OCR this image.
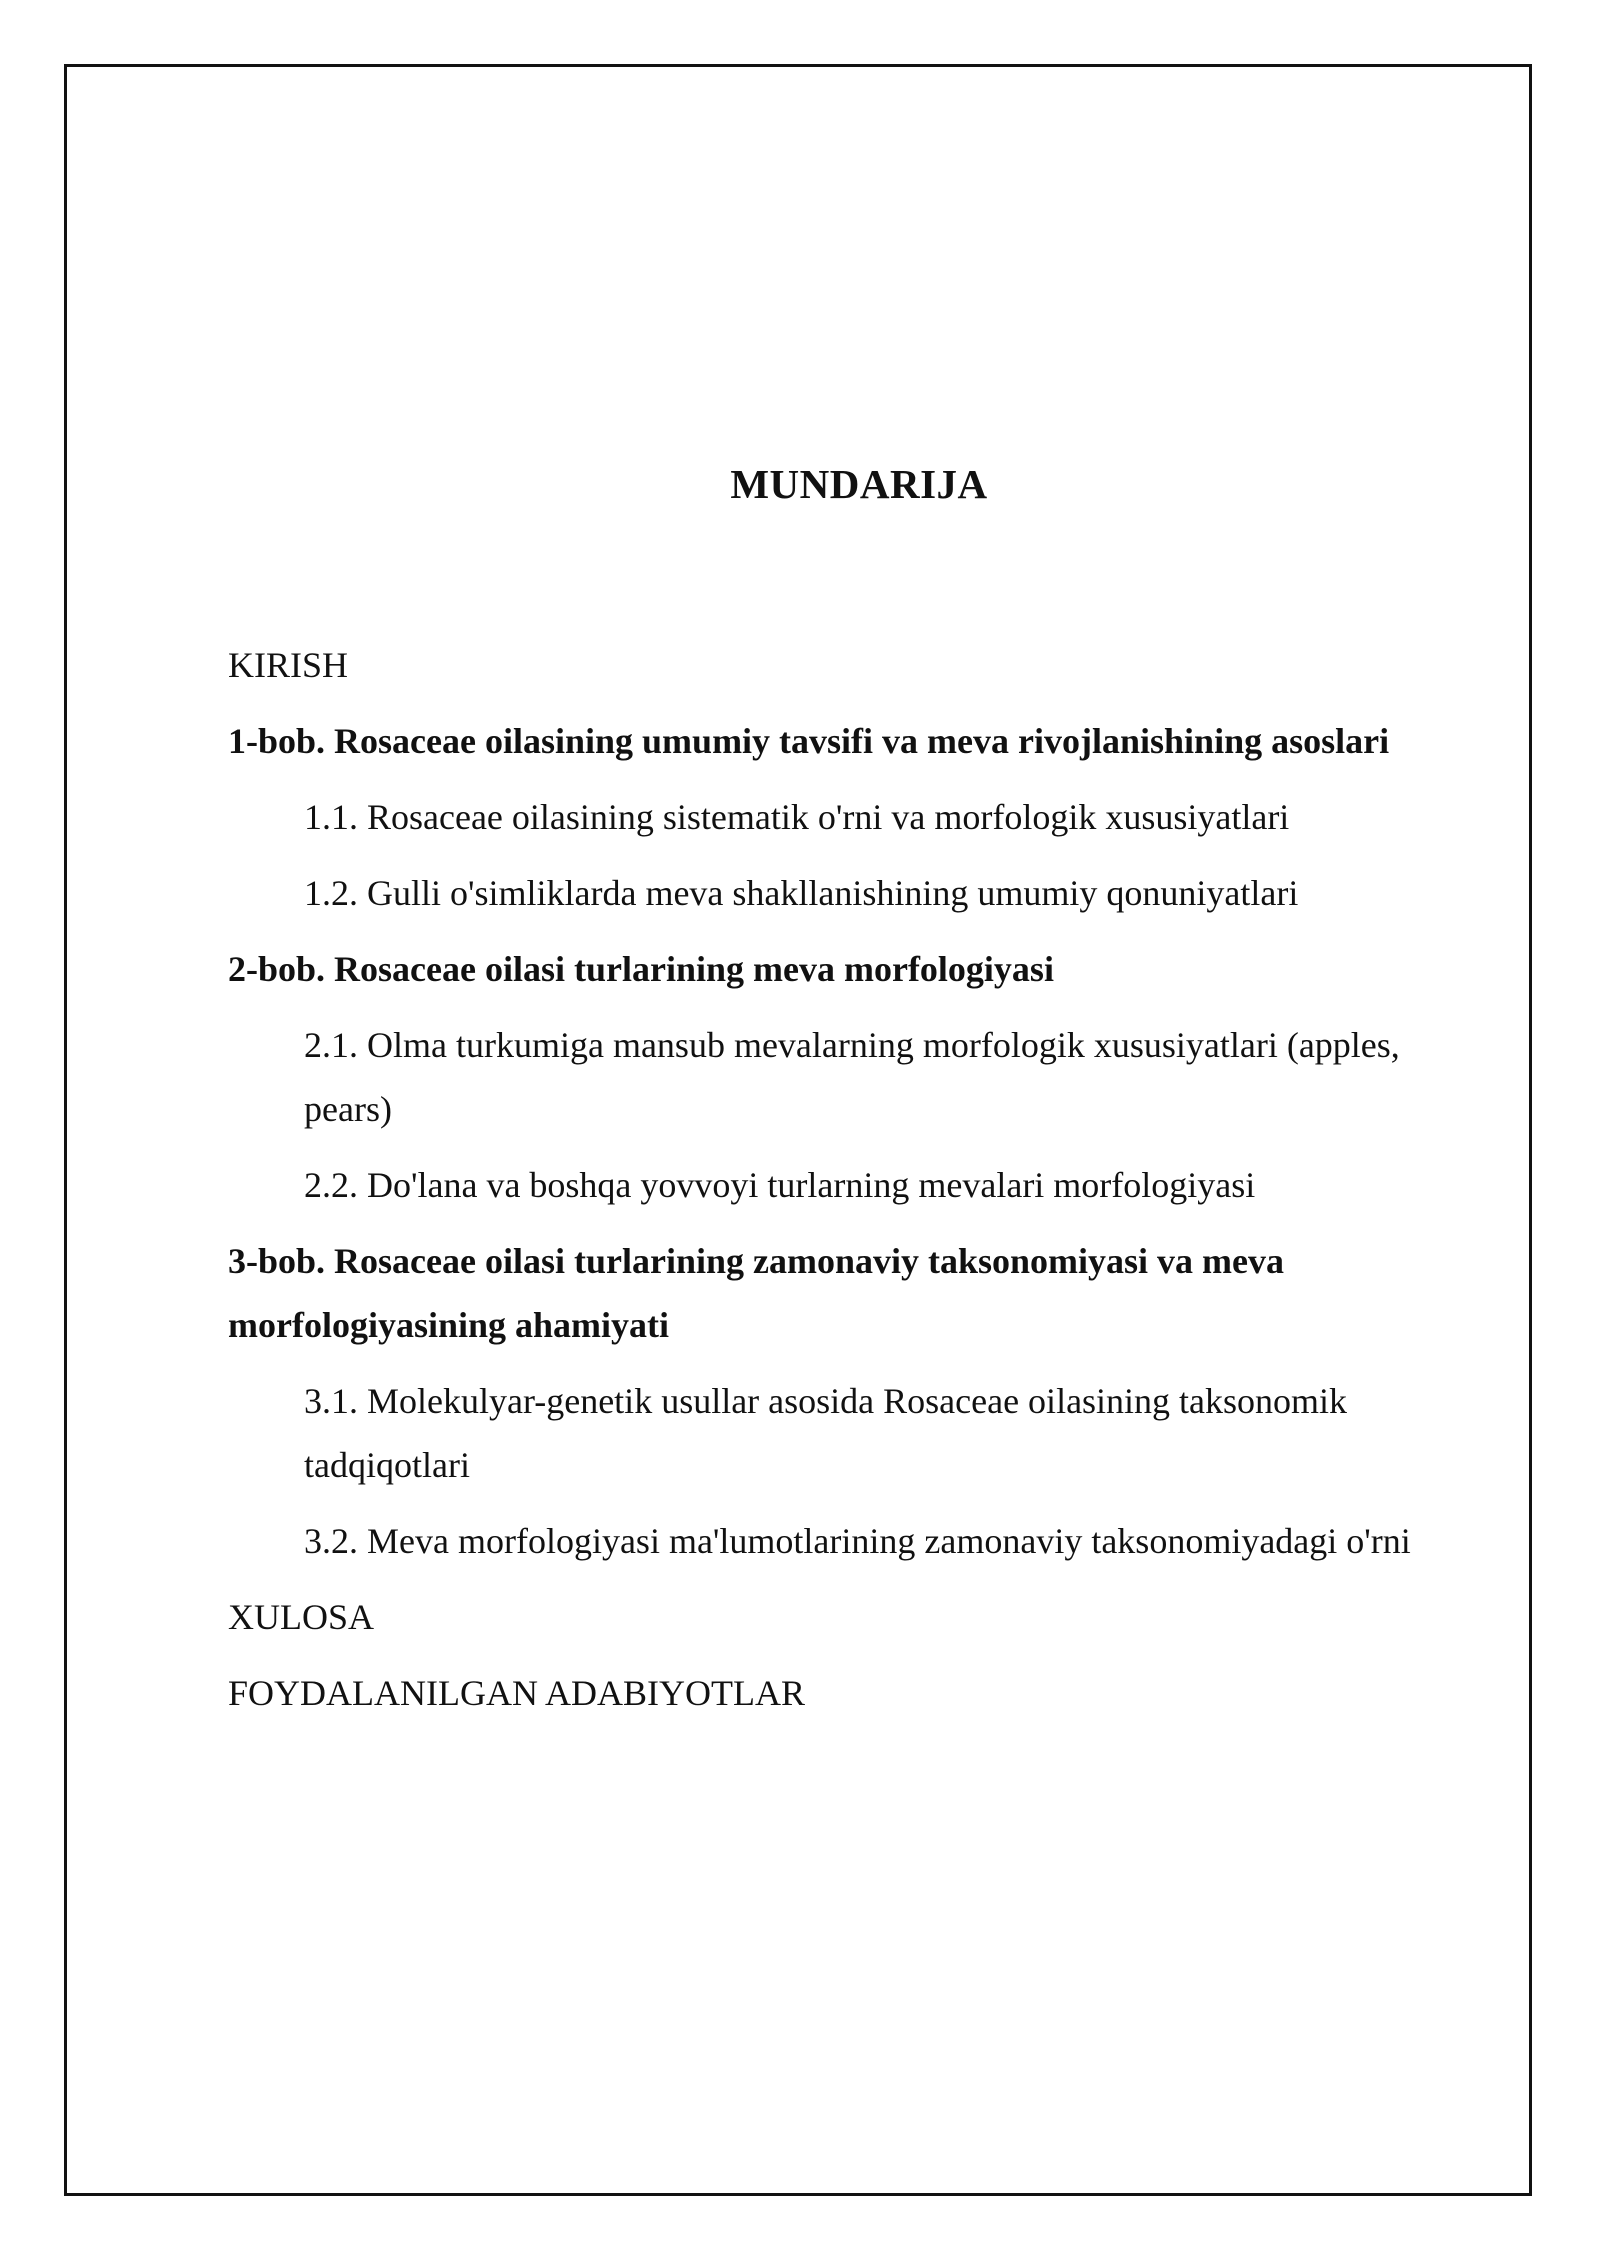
MUNDARIJA

KIRISH

1-bob. Rosaceae oilasining umumiy tavsifi va meva rivojlanishining asoslari

1.1. Rosaceae oilasining sistematik o'rni va morfologik xususiyatlari

1.2. Gulli o'simliklarda meva shakllanishining umumiy qonuniyatlari

2-bob. Rosaceae oilasi turlarining meva morfologiyasi

2.1. Olma turkumiga mansub mevalarning morfologik xususiyatlari (apples,

pears)

2.2. Do'lana va boshqa yovvoyi turlarning mevalari morfologiyasi

3-bob. Rosaceae oilasi turlarining zamonaviy taksonomiyasi va meva

morfologiyasining ahamiyati

3.1. Molekulyar-genetik usullar asosida Rosaceae oilasining taksonomik

tadqiqotlari

3.2. Meva morfologiyasi ma'lumotlarining zamonaviy taksonomiyadagi o'rni

XULOSA

FOYDALANILGAN ADABIYOTLAR
